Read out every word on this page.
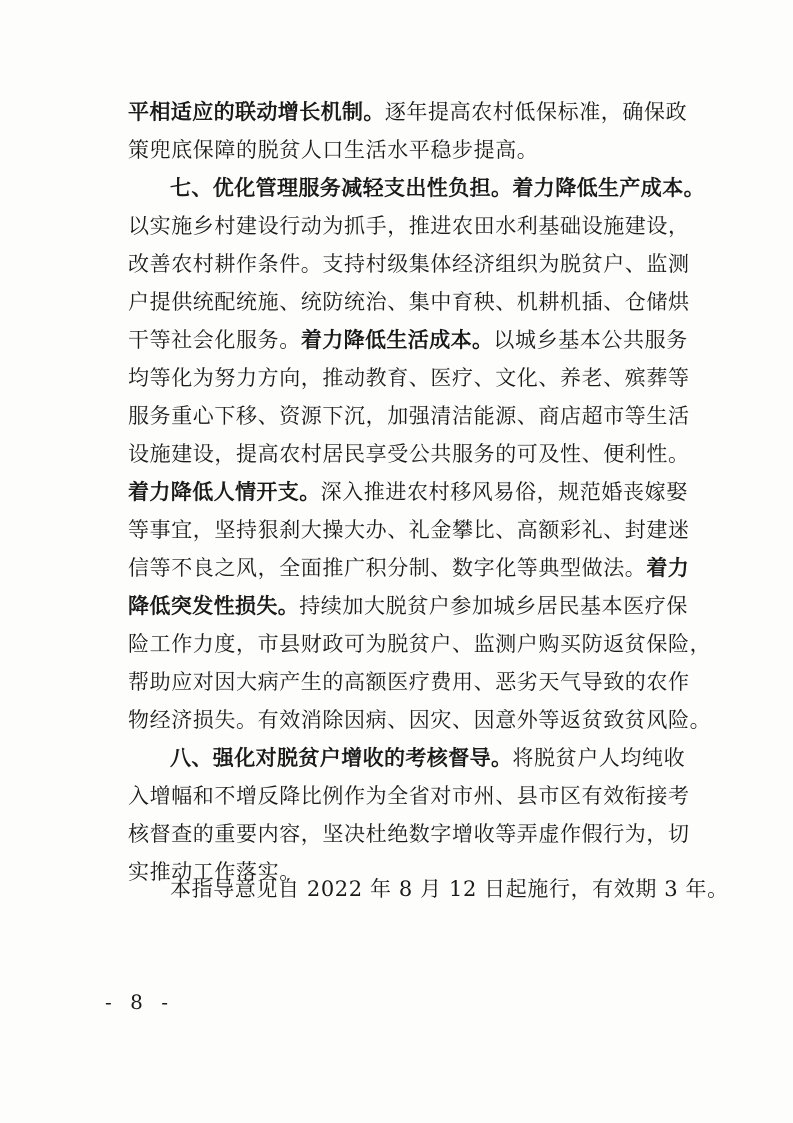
平相适应的联动增长机制。逐年提高农村低保标准，确保政
策兜底保障的脱贫人口生活水平稳步提高。
七、优化管理服务减轻支出性负担。着力降低生产成本。
以实施乡村建设行动为抓手，推进农田水利基础设施建设，
改善农村耕作条件。支持村级集体经济组织为脱贫户、监测
户提供统配统施、统防统治、集中育秧、机耕机插、仓储烘
干等社会化服务。着力降低生活成本。以城乡基本公共服务
均等化为努力方向，推动教育、医疗、文化、养老、殡葬等
服务重心下移、资源下沉，加强清洁能源、商店超市等生活
设施建设，提高农村居民享受公共服务的可及性、便利性。
着力降低人情开支。深入推进农村移风易俗，规范婚丧嫁娶
等事宜，坚持狠刹大操大办、礼金攀比、高额彩礼、封建迷
信等不良之风，全面推广积分制、数字化等典型做法。着力
降低突发性损失。持续加大脱贫户参加城乡居民基本医疗保
险工作力度，市县财政可为脱贫户、监测户购买防返贫保险，
帮助应对因大病产生的高额医疗费用、恶劣天气导致的农作
物经济损失。有效消除因病、因灾、因意外等返贫致贫风险。
八、强化对脱贫户增收的考核督导。将脱贫户人均纯收
入增幅和不增反降比例作为全省对市州、县市区有效衔接考
核督查的重要内容，坚决杜绝数字增收等弄虚作假行为，切
实推动工作落实。
本指导意见自 2022 年 8 月 12 日起施行，有效期 3 年。
- 8 -
